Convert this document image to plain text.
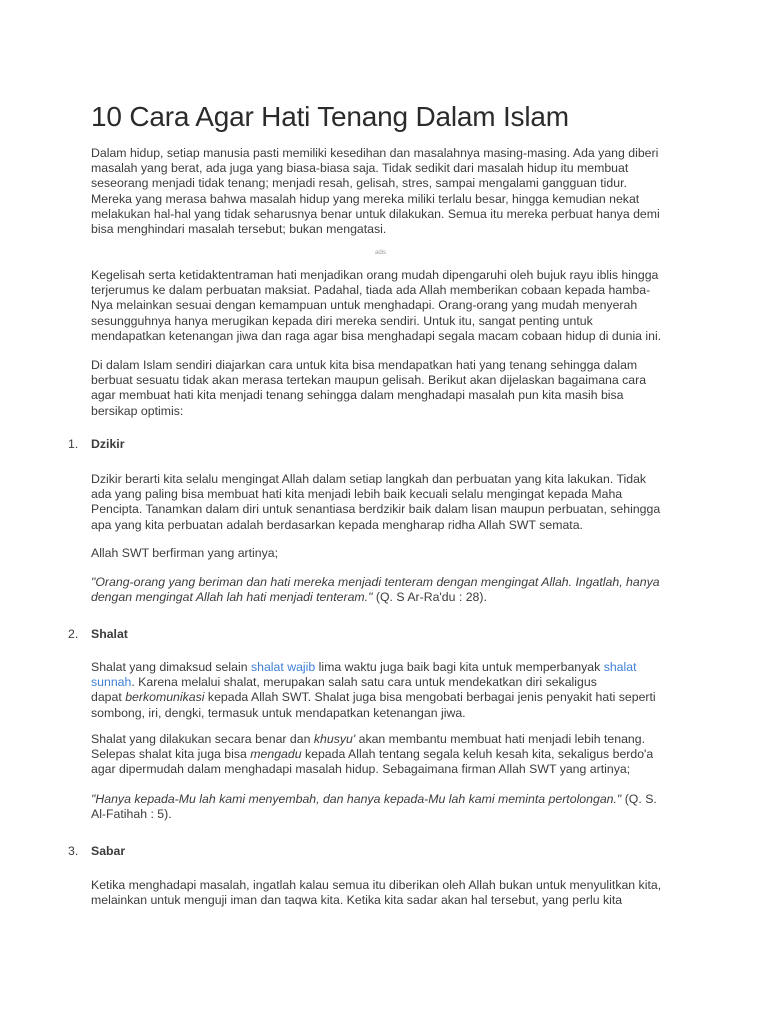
10 Cara Agar Hati Tenang Dalam Islam
Dalam hidup, setiap manusia pasti memiliki kesedihan dan masalahnya masing-masing. Ada yang diberi
masalah yang berat, ada juga yang biasa-biasa saja. Tidak sedikit dari masalah hidup itu membuat
seseorang menjadi tidak tenang; menjadi resah, gelisah, stres, sampai mengalami gangguan tidur.
Mereka yang merasa bahwa masalah hidup yang mereka miliki terlalu besar, hingga kemudian nekat
melakukan hal-hal yang tidak seharusnya benar untuk dilakukan. Semua itu mereka perbuat hanya demi
bisa menghindari masalah tersebut; bukan mengatasi.

adis

Kegelisah serta ketidaktentraman hati menjadikan orang mudah dipengaruhi oleh bujuk rayu iblis hingga
terjerumus ke dalam perbuatan maksiat. Padahal, tiada ada Allah memberikan cobaan kepada hamba-
Nya melainkan sesuai dengan kemampuan untuk menghadapi. Orang-orang yang mudah menyerah
sesungguhnya hanya merugikan kepada diri mereka sendiri. Untuk itu, sangat penting untuk
mendapatkan ketenangan jiwa dan raga agar bisa menghadapi segala macam cobaan hidup di dunia ini.
Di dalam Islam sendiri diajarkan cara untuk kita bisa mendapatkan hati yang tenang sehingga dalam
berbuat sesuatu tidak akan merasa tertekan maupun gelisah. Berikut akan dijelaskan bagaimana cara
agar membuat hati kita menjadi tenang sehingga dalam menghadapi masalah pun kita masih bisa
bersikap optimis:

1. Dzikir

Dzikir berarti kita selalu mengingat Allah dalam setiap langkah dan perbuatan yang kita lakukan. Tidak
ada yang paling bisa membuat hati kita menjadi lebih baik kecuali selalu mengingat kepada Maha
Pencipta. Tanamkan dalam diri untuk senantiasa berdzikir baik dalam lisan maupun perbuatan, sehingga
apa yang kita perbuatan adalah berdasarkan kepada mengharap ridha Allah SWT semata.
Allah SWT berfirman yang artinya;
"Orang-orang yang beriman dan hati mereka menjadi tenteram dengan mengingat Allah. Ingatlah, hanya
dengan mengingat Allah lah hati menjadi tenteram." (Q. S Ar-Ra'du : 28).

2. Shalat

Shalat yang dimaksud selain shalat wajib lima waktu juga baik bagi kita untuk memperbanyak shalat
sunnah. Karena melalui shalat, merupakan salah satu cara untuk mendekatkan diri sekaligus
dapat berkomunikasi kepada Allah SWT. Shalat juga bisa mengobati berbagai jenis penyakit hati seperti
sombong, iri, dengki, termasuk untuk mendapatkan ketenangan jiwa.
Shalat yang dilakukan secara benar dan khusyu' akan membantu membuat hati menjadi lebih tenang.
Selepas shalat kita juga bisa mengadu kepada Allah tentang segala keluh kesah kita, sekaligus berdo'a
agar dipermudah dalam menghadapi masalah hidup. Sebagaimana firman Allah SWT yang artinya;
"Hanya kepada-Mu lah kami menyembah, dan hanya kepada-Mu lah kami meminta pertolongan." (Q. S.
Al-Fatihah : 5).

3. Sabar

Ketika menghadapi masalah, ingatlah kalau semua itu diberikan oleh Allah bukan untuk menyulitkan kita,
melainkan untuk menguji iman dan taqwa kita. Ketika kita sadar akan hal tersebut, yang perlu kita
